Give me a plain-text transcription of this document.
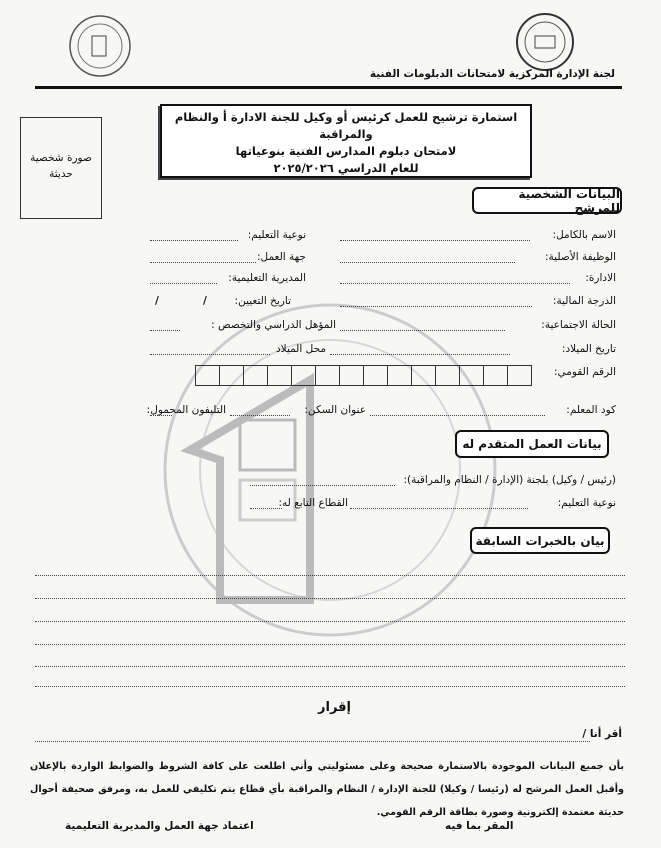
لجنة الإدارة المركزية لامتحانات الدبلومات الفنية
استمارة ترشيح للعمل كرئيس أو وكيل للجنة الادارة أ والنظام والمراقبة
لامتحان دبلوم المدارس الفنية بنوعياتها
للعام الدراسي ٢٠٢٥/٢٠٢٦
صورة شخصية
حديثة
البيانات الشخصية للمرشح
الاسم بالكامل:
نوعية التعليم:
الوظيفة الأصلية:
جهة العمل:
الادارة:
المديرية التعليمية:
الدرجة المالية:
تاريخ التعيين:
/
/
الحالة الاجتماعية:
المؤهل الدراسي والتخصص :
تاريخ الميلاد:
محل الميلاد
الرقم القومي:
كود المعلم:
عنوان السكن:
التليفون المحمول:
بيانات العمل المتقدم له
(رئيس / وكيل) بلجنة (الإدارة / النظام والمراقبة):
نوعية التعليم:
القطاع التابع له:
بيان بالخبرات السابقة
إقرار
أقر أنا /
بأن جميع البيانات الموجودة بالاستمارة صحيحة وعلى مسئوليتي وأني اطلعت على كافة الشروط والضوابط الواردة بالإعلان وأقبل العمل المرشح له (رئيسا / وكيلا) للجنة الإدارة / النظام والمراقبة بأي قطاع يتم تكليفي للعمل به، ومرفق صحيفة أحوال حديثة معتمدة إلكترونية وصورة بطاقة الرقم القومي.
المقر بما فيه
اعتماد جهة العمل والمديرية التعليمية
